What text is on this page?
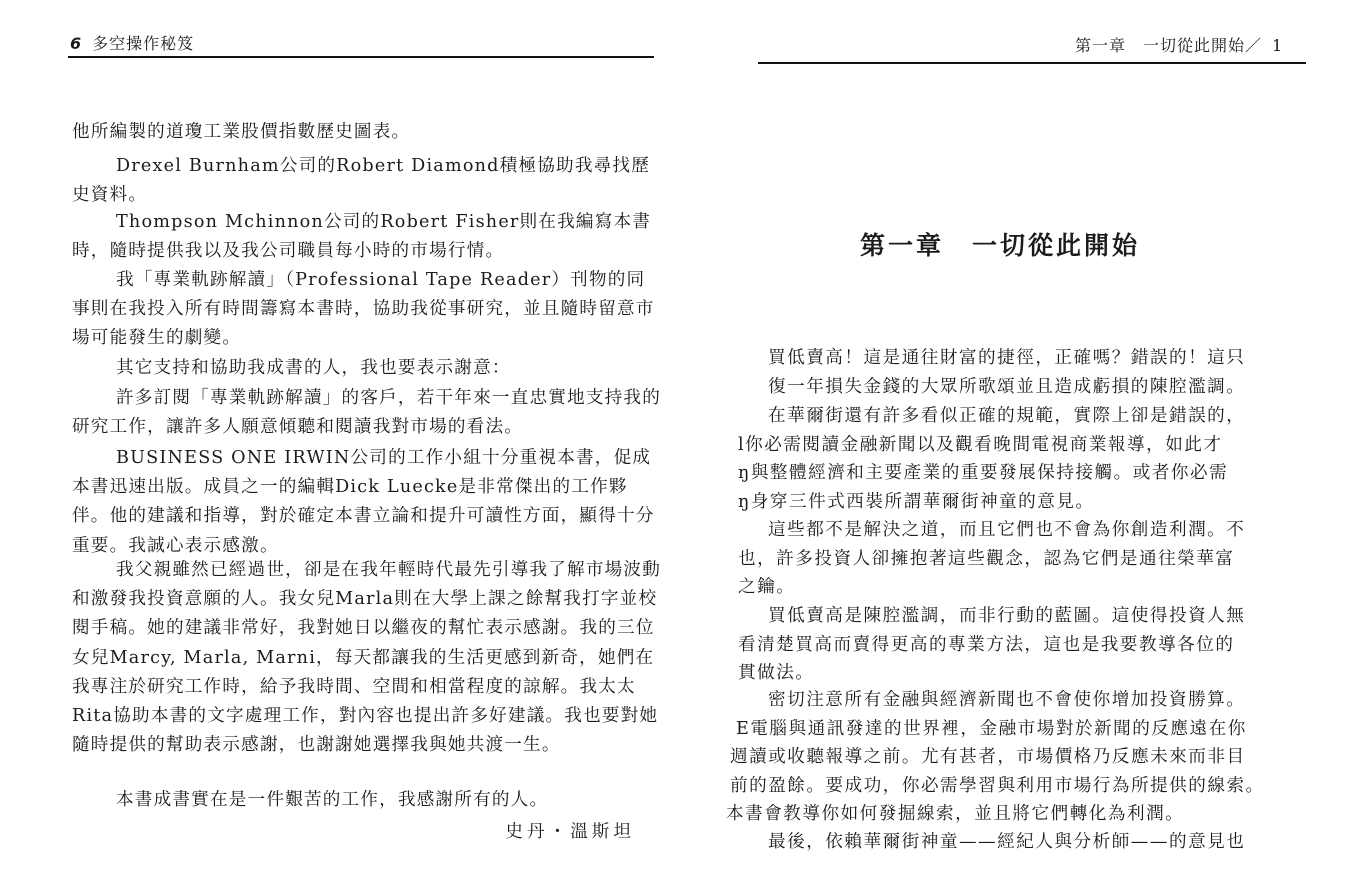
6 多空操作秘笈

他所編製的道瓊工業股價指數歷史圖表。

Drexel Burnham公司的Robert Diamond積極協助我尋找歷史資料。

Thompson Mchinnon公司的Robert Fisher則在我編寫本書時，隨時提供我以及我公司職員每小時的市場行情。

我「專業軌跡解讀」（Professional Tape Reader）刊物的同事則在我投入所有時間籌寫本書時，協助我從事研究，並且隨時留意市場可能發生的劇變。

其它支持和協助我成書的人，我也要表示謝意：

許多訂閱「專業軌跡解讀」的客戶，若干年來一直忠實地支持我的研究工作，讓許多人願意傾聽和閱讀我對市場的看法。

BUSINESS ONE IRWIN公司的工作小組十分重視本書，促成本書迅速出版。成員之一的編輯Dick Luecke是非常傑出的工作夥伴。他的建議和指導，對於確定本書立論和提升可讀性方面，顯得十分重要。我誠心表示感激。

我父親雖然已經過世，卻是在我年輕時代最先引導我了解市場波動和激發我投資意願的人。我女兒Marla則在大學上課之餘幫我打字並校閱手稿。她的建議非常好，我對她日以繼夜的幫忙表示感謝。我的三位女兒Marcy, Marla, Marni，每天都讓我的生活更感到新奇，她們在我專注於研究工作時，給予我時間、空間和相當程度的諒解。我太太Rita協助本書的文字處理工作，對內容也提出許多好建議。我也要對她隨時提供的幫助表示感謝，也謝謝她選擇我與她共渡一生。

本書成書實在是一件艱苦的工作，我感謝所有的人。

史丹・溫斯坦
第一章　一切從此開始／ 1
第一章　一切從此開始
買低賣高！這是通往財富的捷徑，正確嗎？錯誤的！這只
復一年損失金錢的大眾所歌頌並且造成虧損的陳腔濫調。
在華爾街還有許多看似正確的規範，實際上卻是錯誤的，
l你必需閱讀金融新聞以及觀看晚間電視商業報導，如此才
ŋ與整體經濟和主要產業的重要發展保持接觸。或者你必需
ŋ身穿三件式西裝所謂華爾街神童的意見。
這些都不是解決之道，而且它們也不會為你創造利潤。不
也，許多投資人卻擁抱著這些觀念，認為它們是通往榮華富
之鑰。
買低賣高是陳腔濫調，而非行動的藍圖。這使得投資人無
看清楚買高而賣得更高的專業方法，這也是我要教導各位的
貫做法。
密切注意所有金融與經濟新聞也不會使你增加投資勝算。
E電腦與通訊發達的世界裡，金融市場對於新聞的反應遠在你
週讀或收聽報導之前。尤有甚者，市場價格乃反應未來而非目
前的盈餘。要成功，你必需學習與利用市場行為所提供的線索。
本書會教導你如何發掘線索，並且將它們轉化為利潤。
最後，依賴華爾街神童——經紀人與分析師——的意見也
